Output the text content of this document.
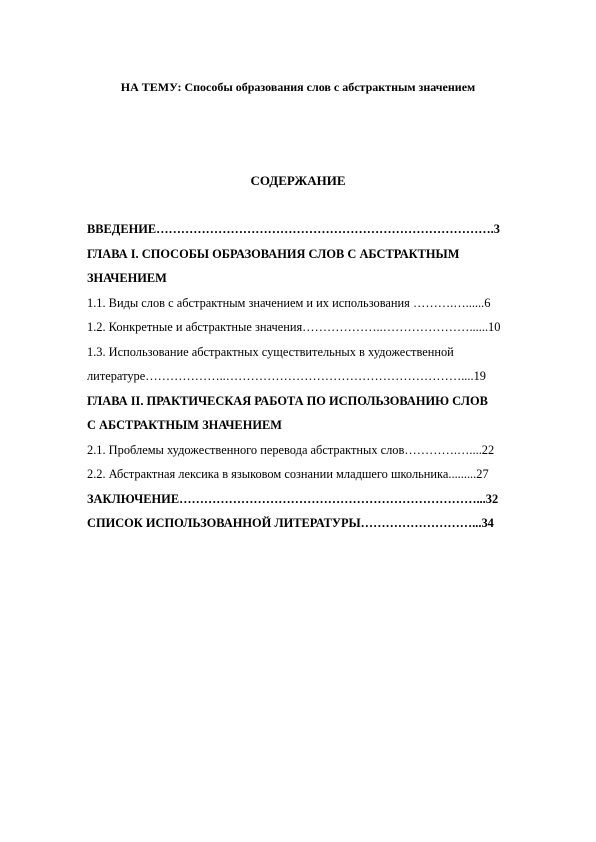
НА ТЕМУ: Способы образования слов с абстрактным значением
СОДЕРЖАНИЕ
ВВЕДЕНИЕ……………………………………………………………………….3
ГЛАВА I. СПОСОБЫ ОБРАЗОВАНИЯ СЛОВ С АБСТРАКТНЫМ
ЗНАЧЕНИЕМ
1.1. Виды слов с абстрактным значением и их использования ……….…......6
1.2. Конкретные и абстрактные значения………………..…………………......10
1.3. Использование абстрактных существительных в художественной
литературе………………..…………………………………………………....19
ГЛАВА II. ПРАКТИЧЕСКАЯ РАБОТА ПО ИСПОЛЬЗОВАНИЮ СЛОВ
С АБСТРАКТНЫМ ЗНАЧЕНИЕМ
2.1. Проблемы художественного перевода абстрактных слов………….…....22
2.2. Абстрактная лексика в языковом сознании младшего школьника.........27
ЗАКЛЮЧЕНИЕ………………………………………………………………...32
СПИСОК ИСПОЛЬЗОВАННОЙ ЛИТЕРАТУРЫ………………………...34
